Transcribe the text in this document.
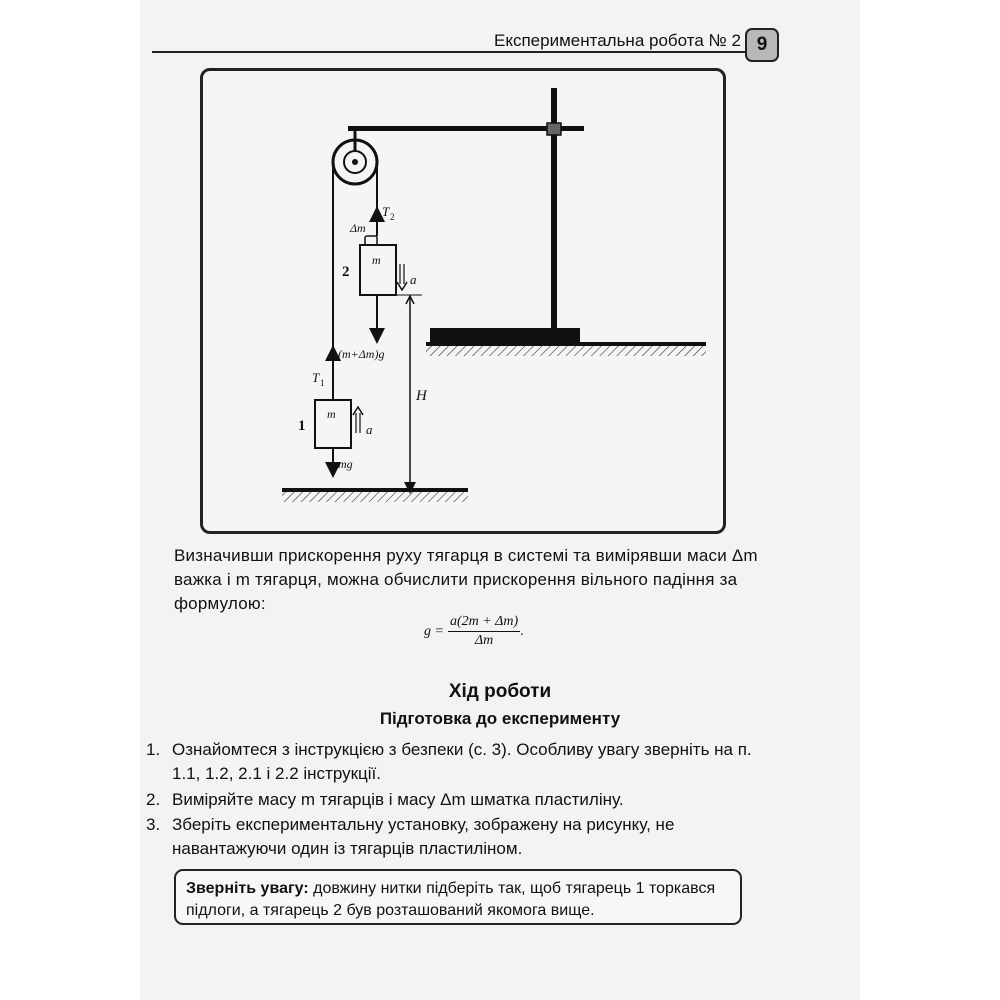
Експериментальна робота № 2 9
Δm
T 2
m
2	a
(m+Δm)g
T 1
m
1	a
mg
H
Визначивши прискорення руху тягарця в системі та вимірявши маси Δm важка і m тягарця, можна обчислити прискорення вільного падіння за формулою:
$g = \frac{a(2m + \Delta m)}{\Delta m}$ .
Хід роботи
Підготовка до експерименту
1. Ознайомтеся з інструкцією з безпеки (с. 3). Особливу увагу зверніть на п. 1.1, 1.2, 2.1 і 2.2 інструкції.
2. Виміряйте масу m тягарців і масу Δm шматка пластиліну.
3. Зберіть експериментальну установку, зображену на рисунку, не навантажуючи один із тягарців пластиліном.
Зверніть увагу: довжину нитки підберіть так, щоб тягарець 1 торкався підлоги, а тягарець 2 був розташований якомога вище.
